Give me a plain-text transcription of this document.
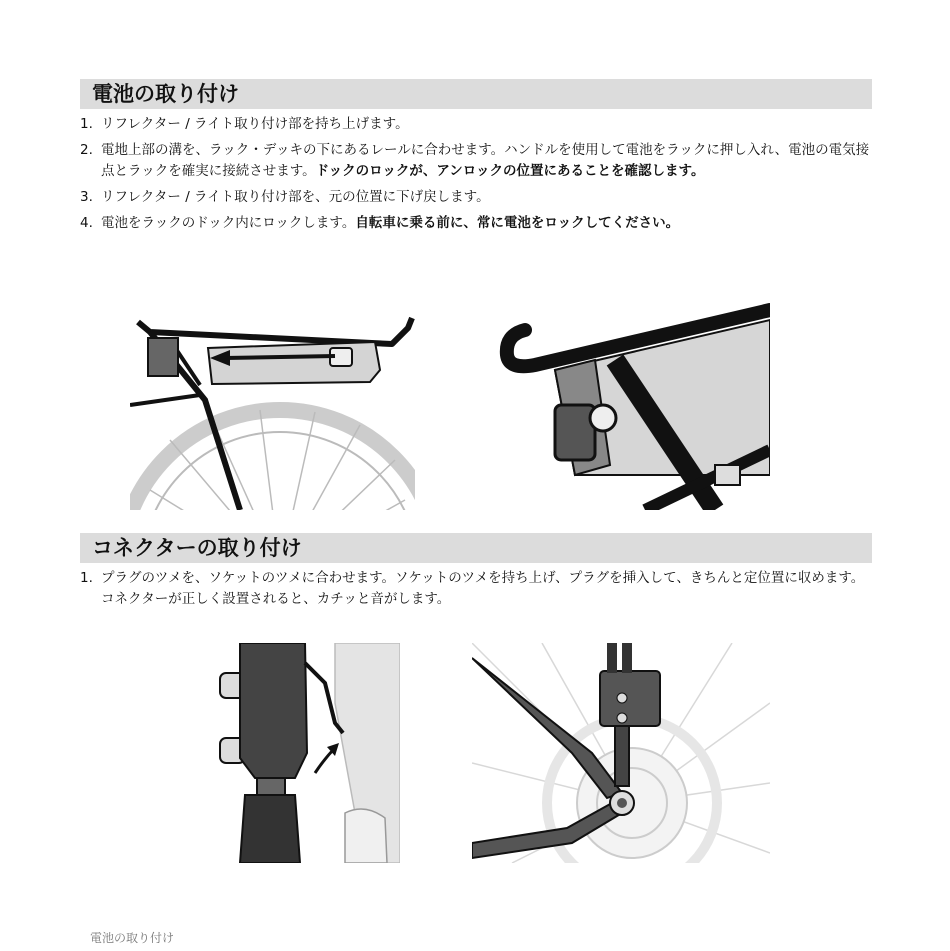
電池の取り付け
1. リフレクター / ライト取り付け部を持ち上げます。
2. 電地上部の溝を、ラック・デッキの下にあるレールに合わせます。ハンドルを使用して電池をラックに押し入れ、電池の電気接点とラックを確実に接続させます。ドックのロックが、アンロックの位置にあることを確認します。
3. リフレクター / ライト取り付け部を、元の位置に下げ戻します。
4. 電池をラックのドック内にロックします。自転車に乗る前に、常に電池をロックしてください。
コネクターの取り付け
1. プラグのツメを、ソケットのツメに合わせます。ソケットのツメを持ち上げ、プラグを挿入して、きちんと定位置に収めます。コネクターが正しく設置されると、カチッと音がします。
電池の取り付け
